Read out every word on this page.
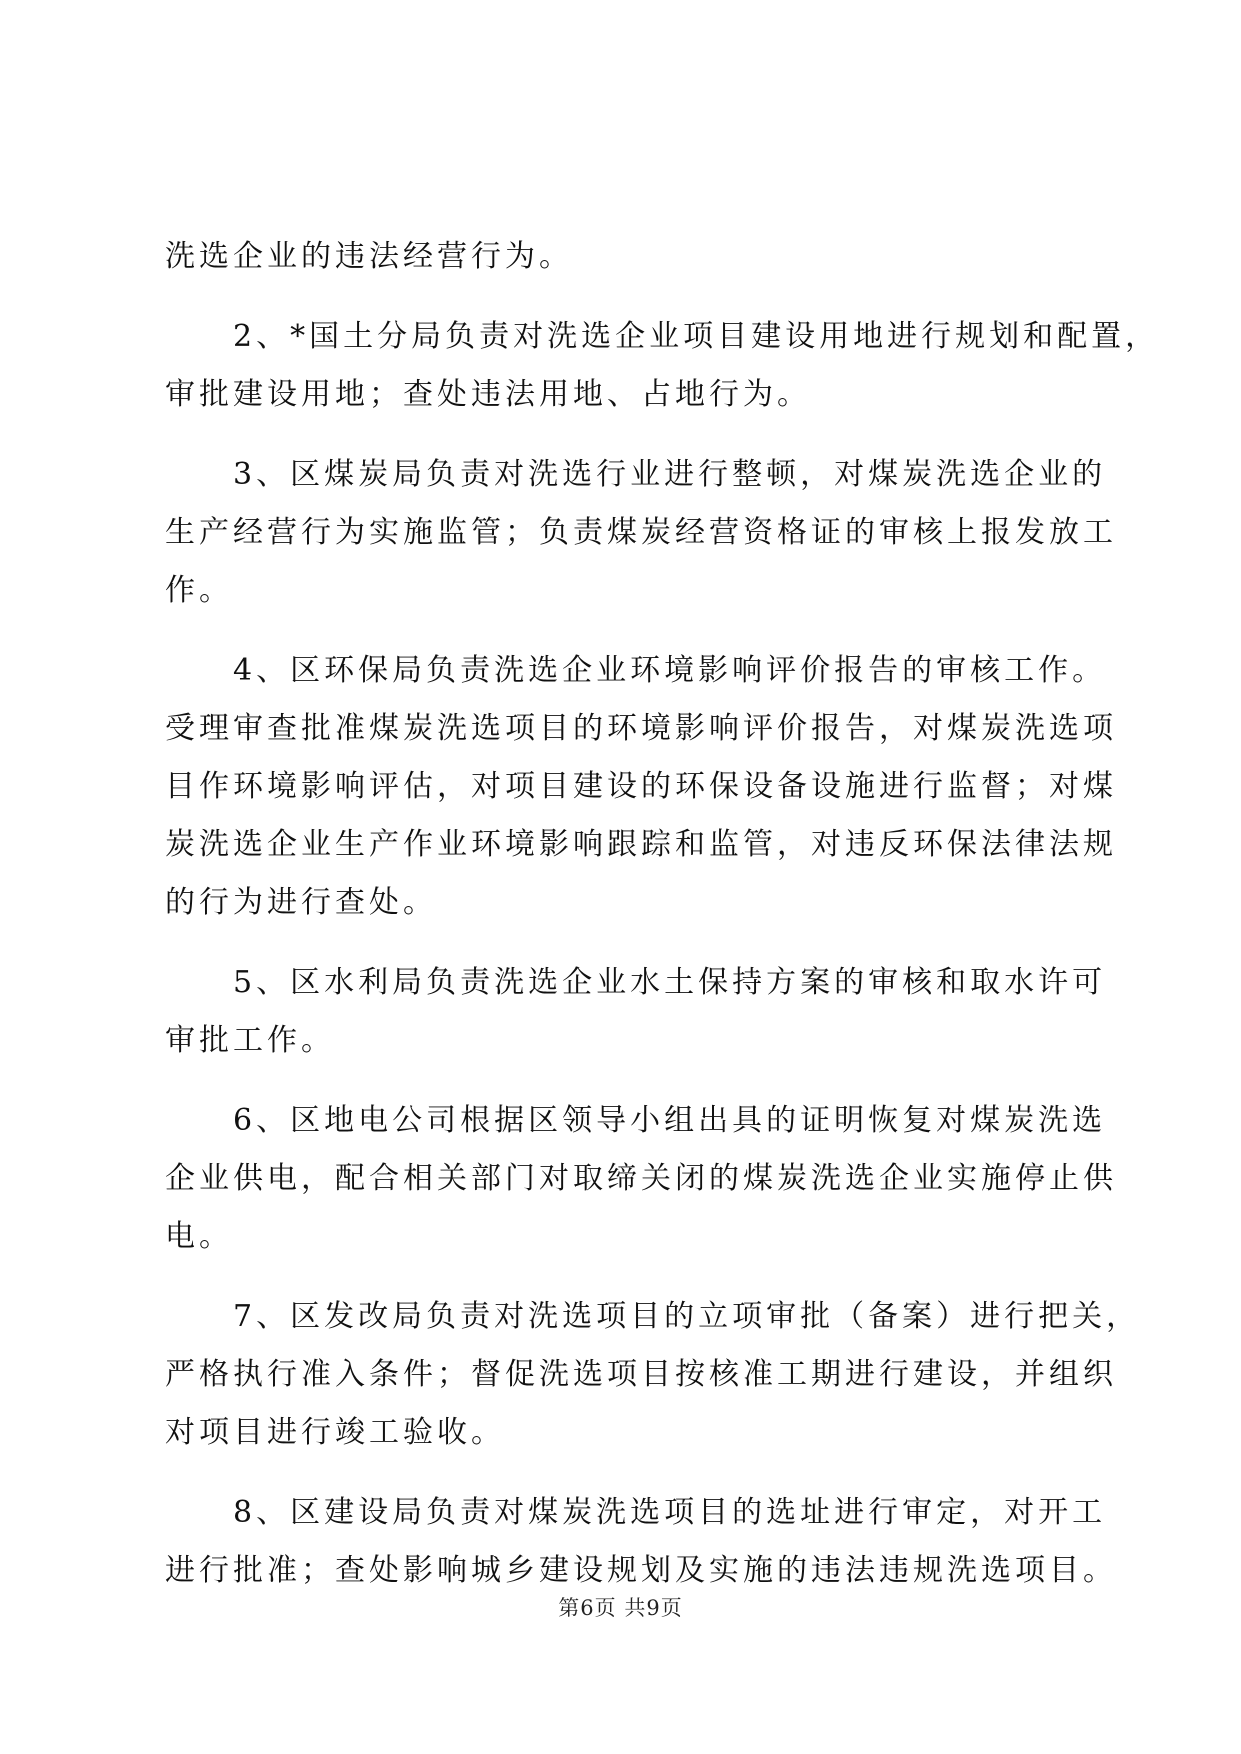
洗选企业的违法经营行为。
　　2、*国土分局负责对洗选企业项目建设用地进行规划和配置，
审批建设用地；查处违法用地、占地行为。
　　3、区煤炭局负责对洗选行业进行整顿，对煤炭洗选企业的
生产经营行为实施监管；负责煤炭经营资格证的审核上报发放工
作。
　　4、区环保局负责洗选企业环境影响评价报告的审核工作。
受理审查批准煤炭洗选项目的环境影响评价报告，对煤炭洗选项
目作环境影响评估，对项目建设的环保设备设施进行监督；对煤
炭洗选企业生产作业环境影响跟踪和监管，对违反环保法律法规
的行为进行查处。
　　5、区水利局负责洗选企业水土保持方案的审核和取水许可
审批工作。
　　6、区地电公司根据区领导小组出具的证明恢复对煤炭洗选
企业供电，配合相关部门对取缔关闭的煤炭洗选企业实施停止供
电。
　　7、区发改局负责对洗选项目的立项审批（备案）进行把关，
严格执行准入条件；督促洗选项目按核准工期进行建设，并组织
对项目进行竣工验收。
　　8、区建设局负责对煤炭洗选项目的选址进行审定，对开工
进行批准；查处影响城乡建设规划及实施的违法违规洗选项目。
第6页 共9页
